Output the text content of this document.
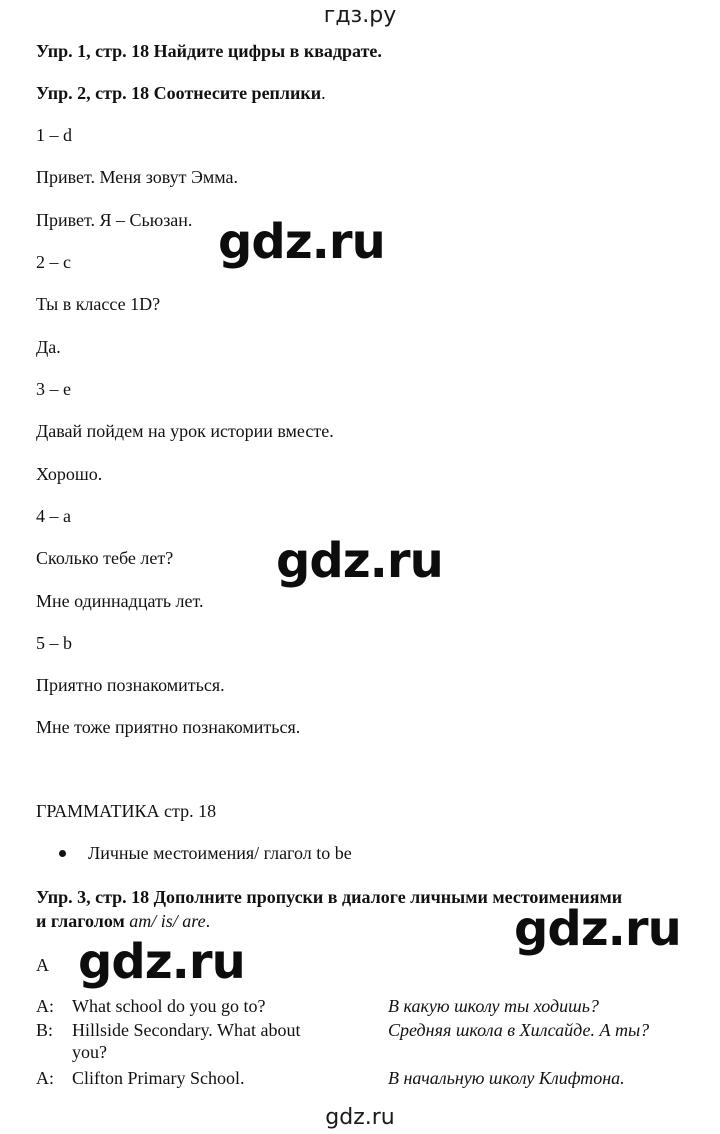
гдз.ру
Упр. 1, стр. 18 Найдите цифры в квадрате.
Упр. 2, стр. 18 Соотнесите реплики.
1 – d
Привет. Меня зовут Эмма.
Привет. Я – Сьюзан.
2 – c
Ты в классе 1D?
Да.
3 – e
Давай пойдем на урок истории вместе.
Хорошо.
4 – a
Сколько тебе лет?
Мне одиннадцать лет.
5 – b
Приятно познакомиться.
Мне тоже приятно познакомиться.
ГРАММАТИКА стр. 18
Личные местоимения/ глагол to be
Упр. 3, стр. 18 Дополните пропуски в диалоге личными местоимениями
и глаголом am/ is/ are.
A
A: What school do you go to?	В какую школу ты ходишь?
B: Hillside Secondary. What about
you?
Средняя школа в Хилсайде. А ты?
A: Clifton Primary School.	В начальную школу Клифтона.
gdz.ru
gdz.ru
gdz.ru
gdz.ru
gdz.ru
